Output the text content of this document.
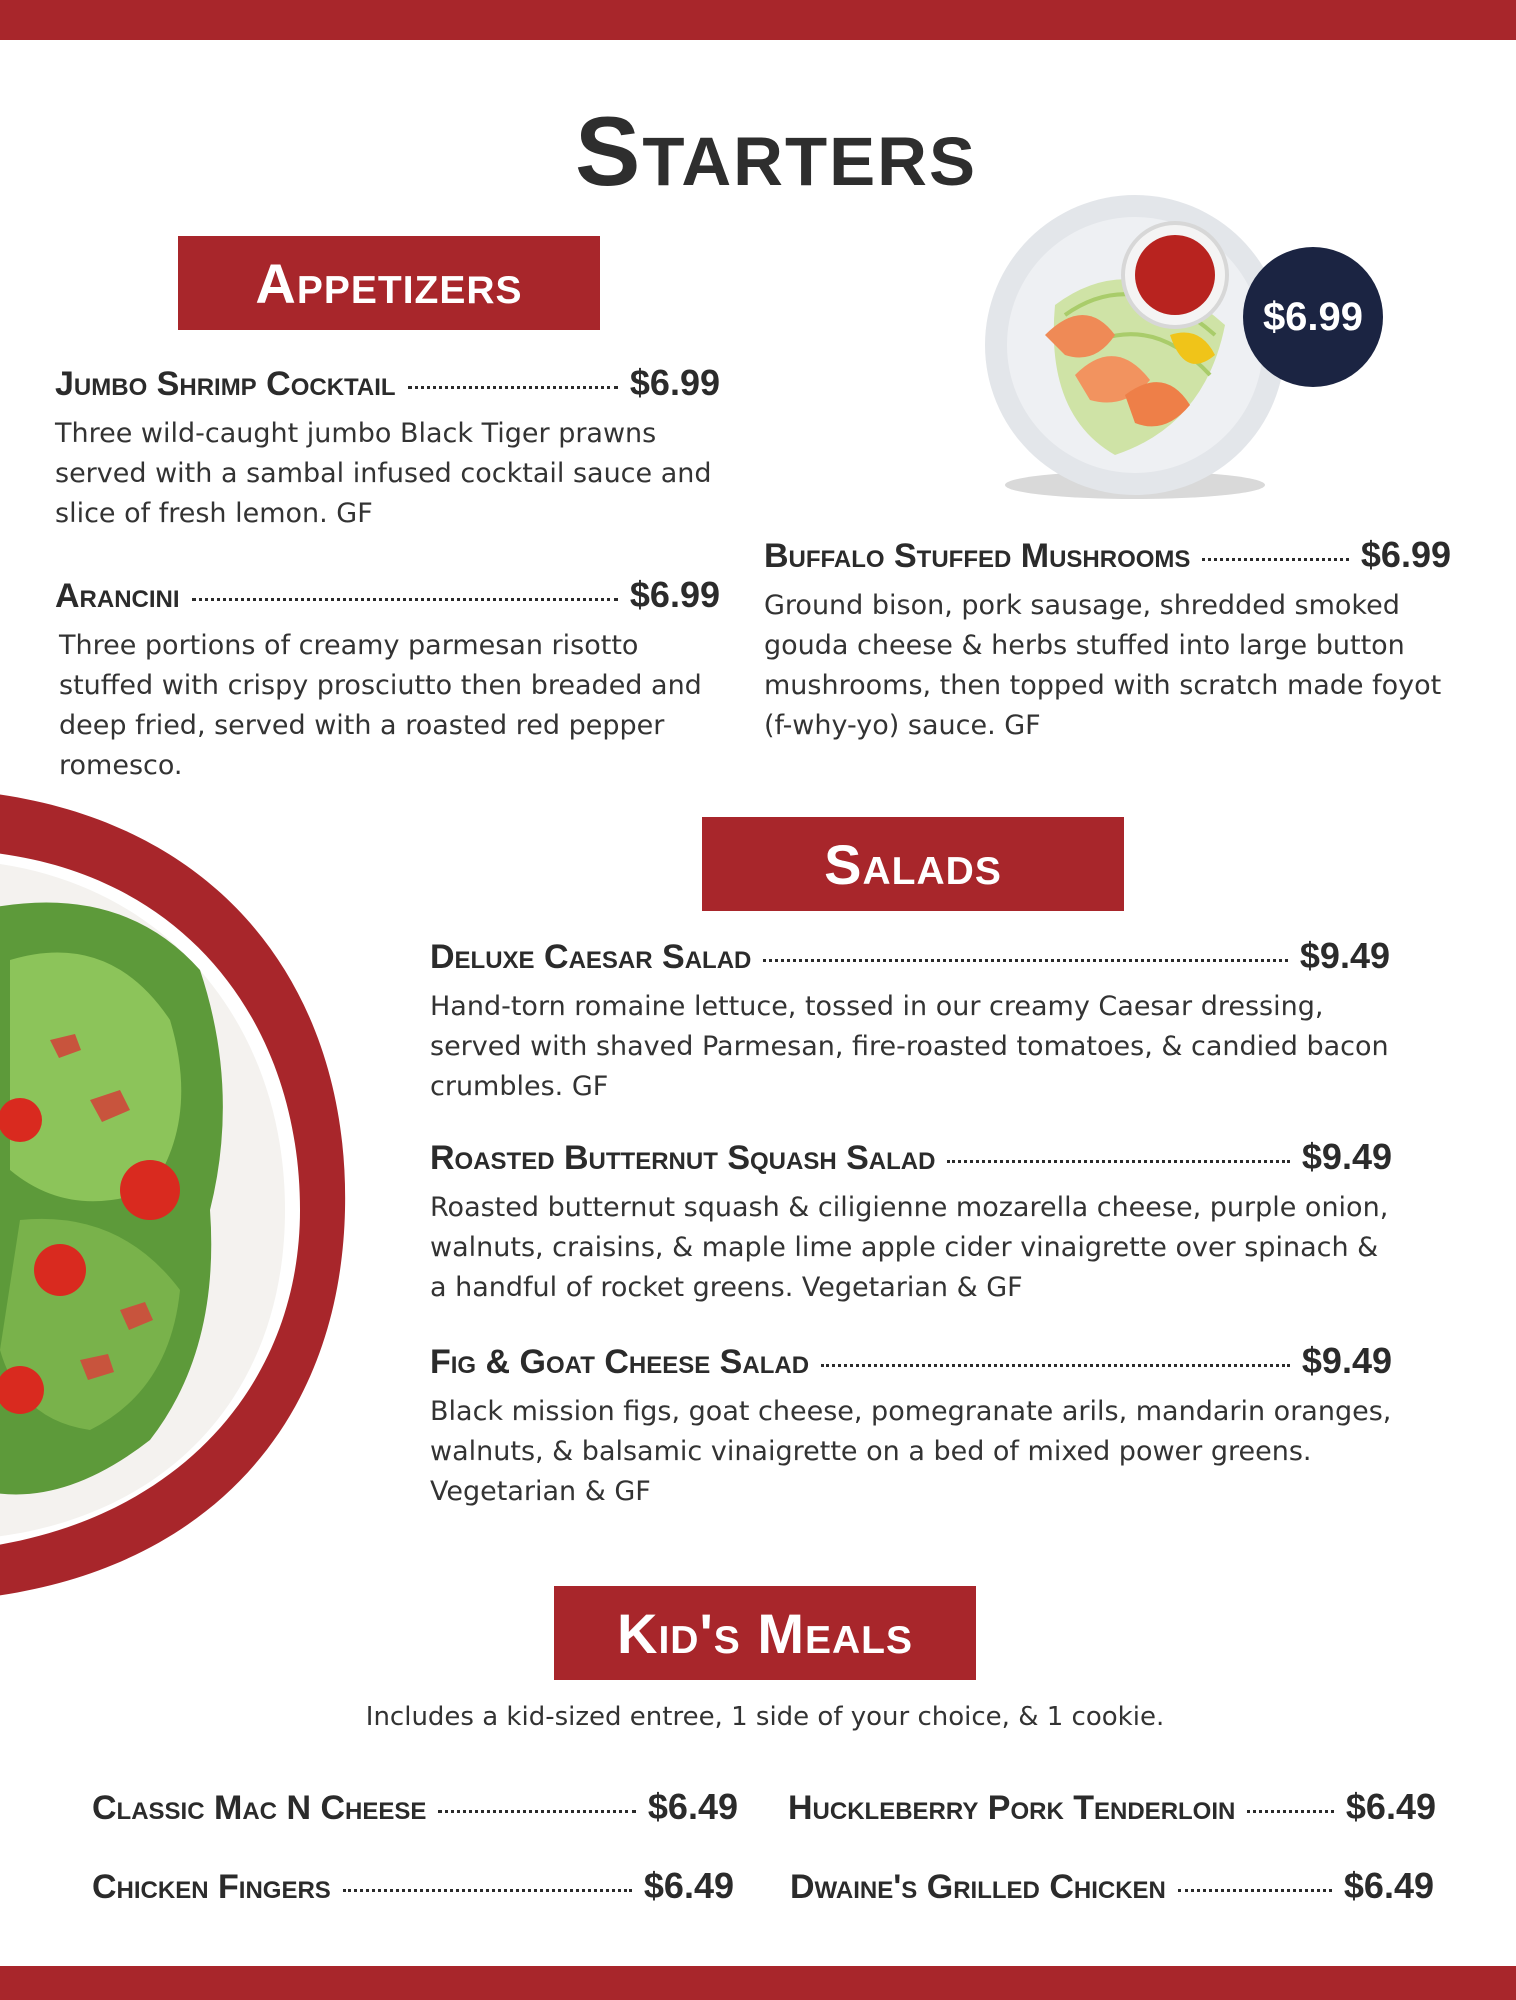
Starters
Appetizers
$6.99
Jumbo Shrimp Cocktail	$6.99
Three wild-caught jumbo Black Tiger prawns served with a sambal infused cocktail sauce and slice of fresh lemon. GF
Arancini	$6.99
Three portions of creamy parmesan risotto stuffed with crispy prosciutto then breaded and deep fried, served with a roasted red pepper romesco.
Buffalo Stuffed Mushrooms	$6.99
Ground bison, pork sausage, shredded smoked gouda cheese & herbs stuffed into large button mushrooms, then topped with scratch made foyot (f-why-yo) sauce. GF
Salads
Deluxe Caesar Salad	$9.49
Hand-torn romaine lettuce, tossed in our creamy Caesar dressing, served with shaved Parmesan, fire-roasted tomatoes, & candied bacon crumbles. GF
Roasted Butternut Squash Salad	$9.49
Roasted butternut squash & ciligienne mozarella cheese, purple onion, walnuts, craisins, & maple lime apple cider vinaigrette over spinach & a handful of rocket greens. Vegetarian & GF
Fig & Goat Cheese Salad	$9.49
Black mission figs, goat cheese, pomegranate arils, mandarin oranges, walnuts, & balsamic vinaigrette on a bed of mixed power greens. Vegetarian & GF
Kid's Meals
Includes a kid-sized entree, 1 side of your choice, & 1 cookie.
Classic Mac N Cheese	$6.49 Huckleberry Pork Tenderloin	$6.49
Chicken Fingers	$6.49 Dwaine's Grilled Chicken	$6.49
